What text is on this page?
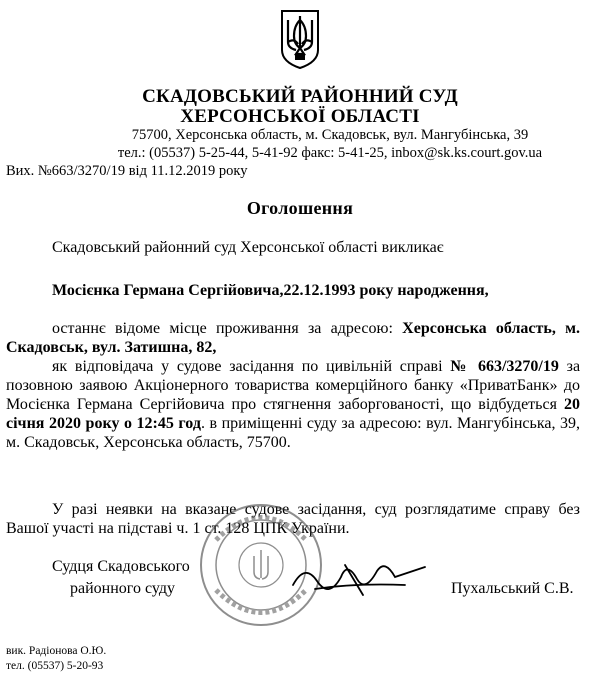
СКАДОВСЬКИЙ РАЙОННИЙ СУД
ХЕРСОНСЬКОЇ ОБЛАСТІ
75700, Херсонська область, м. Скадовськ, вул. Мангубінська, 39
тел.: (05537) 5-25-44, 5-41-92 факс: 5-41-25, inbox@sk.ks.court.gov.ua
Вих. №663/3270/19 від 11.12.2019 року
Оголошення
Скадовський районний суд Херсонської області викликає
Мосієнка Германа Сергійовича,22.12.1993 року народження,
останнє відоме місце проживання за адресою: Херсонська область, м. Скадовськ, вул. Затишна, 82,
як відповідача у судове засідання по цивільній справі № 663/3270/19 за позовною заявою Акціонерного товариства комерційного банку «ПриватБанк» до Мосієнка Германа Сергійовича про стягнення заборгованості, що відбудеться 20 січня 2020 року о 12:45 год. в приміщенні суду за адресою: вул. Мангубінська, 39, м. Скадовськ, Херсонська область, 75700.
У разі неявки на вказане судове засідання, суд розглядатиме справу без Вашої участі на підставі ч. 1 ст. 128 ЦПК України.
Судця Скадовського
районного суду	Пухальський С.В.
вик. Радіонова О.Ю.
тел. (05537) 5-20-93
